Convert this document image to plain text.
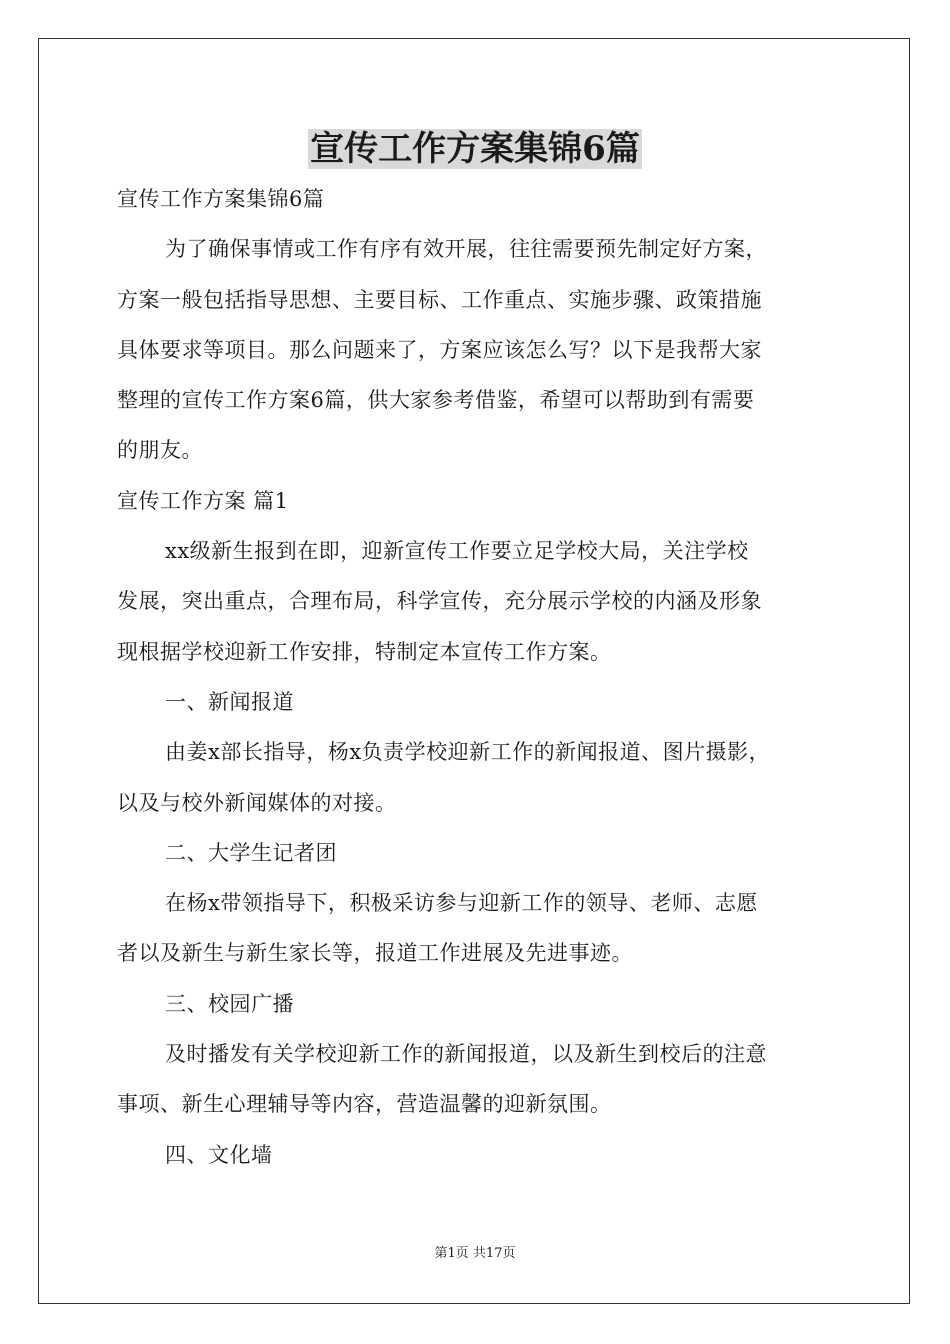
宣传工作方案集锦6篇
宣传工作方案集锦6篇
为了确保事情或工作有序有效开展，往往需要预先制定好方案，
方案一般包括指导思想、主要目标、工作重点、实施步骤、政策措施
具体要求等项目。那么问题来了，方案应该怎么写？以下是我帮大家
整理的宣传工作方案6篇，供大家参考借鉴，希望可以帮助到有需要
的朋友。
宣传工作方案 篇1
xx级新生报到在即，迎新宣传工作要立足学校大局，关注学校
发展，突出重点，合理布局，科学宣传，充分展示学校的内涵及形象
现根据学校迎新工作安排，特制定本宣传工作方案。
一、新闻报道
由姜x部长指导，杨x负责学校迎新工作的新闻报道、图片摄影，
以及与校外新闻媒体的对接。
二、大学生记者团
在杨x带领指导下，积极采访参与迎新工作的领导、老师、志愿
者以及新生与新生家长等，报道工作进展及先进事迹。
三、校园广播
及时播发有关学校迎新工作的新闻报道，以及新生到校后的注意
事项、新生心理辅导等内容，营造温馨的迎新氛围。
四、文化墙
第1页 共17页
